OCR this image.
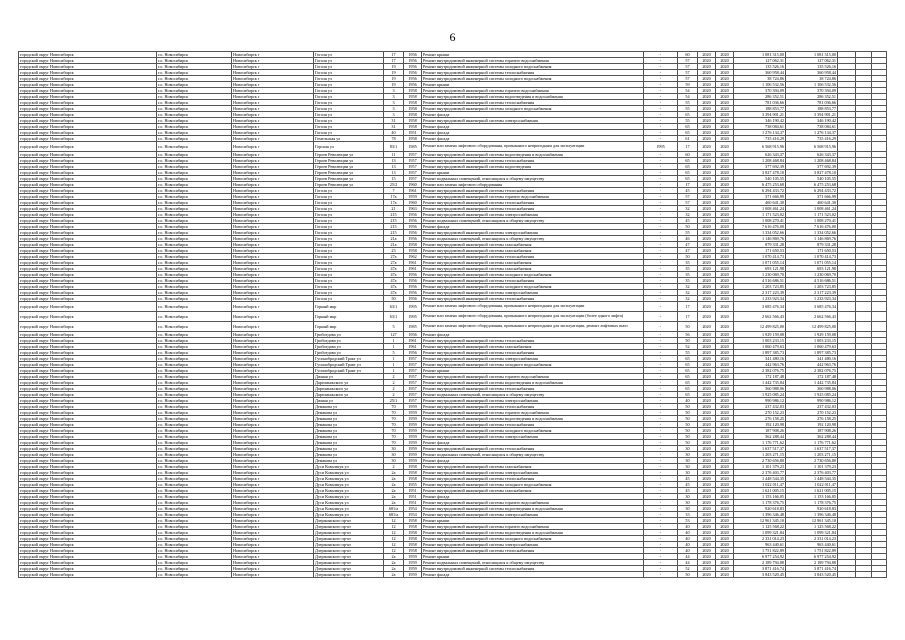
6
городской округ Новосибирск	г.о. Новосибирск	Новосибирск г	Гоголя ул	17	1956	Ремонт крыши	-	60	2020	2020	1 081 315,00	1 081 315,00			
городской округ Новосибирск	г.о. Новосибирск	Новосибирск г	Гоголя ул	17	1956	Ремонт внутридомовой инженерной системы горячего водоснабжения	-	57	2020	2020	127 062,31	127 062,31			
городской округ Новосибирск	г.о. Новосибирск	Новосибирск г	Гоголя ул	19	1956	Ремонт внутридомовой инженерной системы холодного водоснабжения	-	57	2020	2020	135 526,16	135 526,16			
городской округ Новосибирск	г.о. Новосибирск	Новосибирск г	Гоголя ул	19	1956	Ремонт внутридомовой инженерной системы теплоснабжения	-	57	2020	2020	360 958,44	360 958,44			
городской округ Новосибирск	г.о. Новосибирск	Новосибирск г	Гоголя ул	19	1956	Ремонт внутридомовой инженерной системы холодного водоснабжения	-	57	2020	2020	38 724,86	38 724,86			
городской округ Новосибирск	г.о. Новосибирск	Новосибирск г	Гоголя ул	19	1956	Ремонт крыши	-	59	2020	2020	1 106 532,56	1 106 532,56			
городской округ Новосибирск	г.о. Новосибирск	Новосибирск г	Гоголя ул	3	1958	Ремонт внутридомовой инженерной системы горячего водоснабжения	-	54	2020	2020	370 394,09	370 394,09			
городской округ Новосибирск	г.о. Новосибирск	Новосибирск г	Гоголя ул	3	1958	Ремонт внутридомовой инженерной системы водоотведения и водоснабжения	-	54	2020	2020	286 352,51	286 352,51			
городской округ Новосибирск	г.о. Новосибирск	Новосибирск г	Гоголя ул	3	1958	Ремонт внутридомовой инженерной системы теплоснабжения	-	55	2020	2020	781 036,66	781 036,66			
городской округ Новосибирск	г.о. Новосибирск	Новосибирск г	Гоголя ул	3	1958	Ремонт внутридомовой инженерной системы холодного водоснабжения	-	55	2020	2020	188 853,77	188 853,77			
городской округ Новосибирск	г.о. Новосибирск	Новосибирск г	Гоголя ул	3	1958	Ремонт фасада	-	65	2020	2020	3 394 901,21	3 394 901,21			
городской округ Новосибирск	г.о. Новосибирск	Новосибирск г	Гоголя ул	31	1958	Ремонт внутридомовой инженерной системы электроснабжения	-	55	2020	2020	346 190,42	346 190,42			
городской округ Новосибирск	г.о. Новосибирск	Новосибирск г	Гоголя ул	31	1958	Ремонт фасада	-	65	2020	2020	738 084,61	738 084,61			
городской округ Новосибирск	г.о. Новосибирск	Новосибирск г	Гоголя ул	40	1951	Ремонт фасада	-	65	2020	2020	1 276 134,37	1 276 134,37			
городской округ Новосибирск	г.о. Новосибирск	Новосибирск г	Гомельская ул	78	1958	Ремонт фасада	-	61	2020	2020	735 416,29	735 416,29			
городской округ Новосибирск	г.о. Новосибирск	Новосибирск г	Горская ул	83/1	1985	Ремонт или замена лифтового оборудования, признанного непригодным для эксплуатации	1995	17	2020	2020	6 568 915,96	6 568 915,96			
городской округ Новосибирск	г.о. Новосибирск	Новосибирск г	Героев Революции ул	11	1957	Ремонт внутридомовой инженерной системы водоотведения и водоснабжения	-	60	2020	2020	626 343,37	626 343,37			
городской округ Новосибирск	г.о. Новосибирск	Новосибирск г	Героев Революции ул	13	1957	Ремонт внутридомовой инженерной системы теплоснабжения	-	65	2020	2020	1 208 468,84	1 208 468,84			
городской округ Новосибирск	г.о. Новосибирск	Новосибирск г	Героев Революции ул	13	1957	Ремонт внутридомовой инженерной системы водоотведения	-	65	2020	2020	377 692,39	377 692,39			
городской округ Новосибирск	г.о. Новосибирск	Новосибирск г	Героев Революции ул	13	1957	Ремонт крыши	-	65	2020	2020	3 827 478,10	3 827 478,10			
городской округ Новосибирск	г.о. Новосибирск	Новосибирск г	Героев Революции ул	15	1957	Ремонт подвальных помещений, относящихся к общему имуществу	-	65	2020	2020	540 105,55	540 105,55			
городской округ Новосибирск	г.о. Новосибирск	Новосибирск г	Героев Революции ул	25/2	1960	Ремонт или замена лифтового оборудования	-	17	2020	2020	6 475 253,68	6 475 253,68			
городской округ Новосибирск	г.о. Новосибирск	Новосибирск г	Гоголя ул	7	1961	Ремонт внутридомовой инженерной системы теплоснабжения	-	45	2020	2020	6 294 433,72	6 294 433,72			
городской округ Новосибирск	г.о. Новосибирск	Новосибирск г	Гоголя ул	17а	1959	Ремонт внутридомовой инженерной системы горячего водоснабжения	-	57	2020	2020	371 666,99	371 666,99			
городской округ Новосибирск	г.о. Новосибирск	Новосибирск г	Гоголя ул	17а	1960	Ремонт внутридомовой инженерной системы теплоснабжения	-	57	2020	2020	460 641,30	460 641,30			
городской округ Новосибирск	г.о. Новосибирск	Новосибирск г	Гоголя ул	21	1963	Ремонт внутридомовой инженерной системы теплоснабжения	-	32	2020	2020	1 008 461,24	1 008 461,24			
городской округ Новосибирск	г.о. Новосибирск	Новосибирск г	Гоголя ул	215	1956	Ремонт внутридомовой инженерной системы электроснабжения	-	32	2020	2020	1 171 523,02	1 171 523,02			
городской округ Новосибирск	г.о. Новосибирск	Новосибирск г	Гоголя ул	215	1956	Ремонт подвальных помещений, относящихся к общему имуществу	-	45	2020	2020	1 008 270,41	1 008 270,41			
городской округ Новосибирск	г.о. Новосибирск	Новосибирск г	Гоголя ул	215	1956	Ремонт фасада	-	50	2020	2020	7 616 476,00	7 616 476,00			
городской округ Новосибирск	г.о. Новосибирск	Новосибирск г	Гоголя ул	215	1956	Ремонт внутридомовой инженерной системы электроснабжения	-	55	2020	2020	1 334 052,66	1 334 052,66			
городской округ Новосибирск	г.о. Новосибирск	Новосибирск г	Гоголя ул	21а	1956	Ремонт подвальных помещений, относящихся к общему имуществу	-	46	2020	2020	1 146 869,76	1 146 869,76			
городской округ Новосибирск	г.о. Новосибирск	Новосибирск г	Гоголя ул	21а	1958	Ремонт внутридомовой инженерной системы газоснабжения	-	47	2020	2020	879 331,28	879 331,28			
городской округ Новосибирск	г.о. Новосибирск	Новосибирск г	Гоголя ул	23	1958	Ремонт внутридомовой инженерной системы газоснабжения	-	47	2020	2020	171 650,53	171 650,53			
городской округ Новосибирск	г.о. Новосибирск	Новосибирск г	Гоголя ул	27а	1962	Ремонт внутридомовой инженерной системы теплоснабжения	-	50	2020	2020	1 070 414,73	1 070 414,73			
городской округ Новосибирск	г.о. Новосибирск	Новосибирск г	Гоголя ул	27а	1961	Ремонт внутридомовой инженерной системы газоснабжения	-	35	2020	2020	1 071 055,14	1 071 055,14			
городской округ Новосибирск	г.о. Новосибирск	Новосибирск г	Гоголя ул	47а	1961	Ремонт внутридомовой инженерной системы газоснабжения	-	35	2020	2020	693 121,98	693 121,98			
городской округ Новосибирск	г.о. Новосибирск	Новосибирск г	Гоголя ул	47а	1956	Ремонт внутридомовой инженерной системы холодного водоснабжения	-	35	2020	2020	1 230 069,70	1 230 069,70			
городской округ Новосибирск	г.о. Новосибирск	Новосибирск г	Гоголя ул	47а	1956	Ремонт внутридомовой инженерной системы теплоснабжения	-	35	2020	2020	4 516 686,51	4 516 686,51			
городской округ Новосибирск	г.о. Новосибирск	Новосибирск г	Гоголя ул	47а	1956	Ремонт внутридомовой инженерной системы холодного водоснабжения	-	32	2020	2020	1 203 723,85	1 203 723,85			
городской округ Новосибирск	г.о. Новосибирск	Новосибирск г	Гоголя ул	47а	1956	Ремонт внутридомовой инженерной системы электроснабжения	-	32	2020	2020	2 317 223,39	2 317 223,39			
городской округ Новосибирск	г.о. Новосибирск	Новосибирск г	Гоголя ул	50	1956	Ремонт внутридомовой инженерной системы теплоснабжения	-	32	2020	2020	1 233 923,34	1 233 923,34			
городской округ Новосибирск	г.о. Новосибирск	Новосибирск г	Горный мкр	63/1	1995	Ремонт или замена лифтового оборудования, признанного непригодным для эксплуатации	-	17	2020	2020	3 685 476,34	3 685 476,34			
городской округ Новосибирск	г.о. Новосибирск	Новосибирск г	Горный мкр	63/1	1995	Ремонт или замена лифтового оборудования, признанного непригодным для эксплуатации (более одного лифта)	-	17	2020	2020	2 662 566,43	2 662 566,43			
городской округ Новосибирск	г.о. Новосибирск	Новосибирск г	Горный мкр	5	1985	Ремонт или замена лифтового оборудования, признанного непригодным для эксплуатации, ремонт лифтовых шахт	-	50	2020	2020	12 499 825,00	12 499 825,00			
городской округ Новосибирск	г.о. Новосибирск	Новосибирск г	Грибоедова ул	127	1956	Ремонт фасада	-	56	2020	2020	1 929 159,08	1 929 159,08			
городской округ Новосибирск	г.о. Новосибирск	Новосибирск г	Грибоедова ул	1	1961	Ремонт внутридомовой инженерной системы теплоснабжения	-	50	2020	2020	1 003 233,15	1 003 233,15			
городской округ Новосибирск	г.о. Новосибирск	Новосибирск г	Грибоедова ул	1	1961	Ремонт внутридомовой инженерной системы газоснабжения	-	52	2020	2020	1 060 479,63	1 060 479,63			
городской округ Новосибирск	г.о. Новосибирск	Новосибирск г	Грибоедова ул	5	1956	Ремонт внутридомовой инженерной системы теплоснабжения	-	55	2020	2020	1 897 385,73	1 897 385,73			
городской округ Новосибирск	г.о. Новосибирск	Новосибирск г	Гусинобродский Тракт ул	1	1957	Ремонт внутридомовой инженерной системы электроснабжения	-	65	2020	2020	341 480,16	341 480,16			
городской округ Новосибирск	г.о. Новосибирск	Новосибирск г	Гусинобродский Тракт ул	1	1957	Ремонт внутридомовой инженерной системы холодного водоснабжения	-	65	2020	2020	442 963,76	442 963,76			
городской округ Новосибирск	г.о. Новосибирск	Новосибирск г	Гусинобродский Тракт ул	1	1957	Ремонт крыши	-	65	2020	2020	2 382 076,75	2 382 076,75			
городской округ Новосибирск	г.о. Новосибирск	Новосибирск г	Дачная ул	2	1957	Ремонт внутридомовой инженерной системы горячего водоснабжения	-	65	2020	2020	172 187,48	172 187,48			
городской округ Новосибирск	г.о. Новосибирск	Новосибирск г	Даргомыжского ул	2	1957	Ремонт внутридомовой инженерной системы водоотведения и водоснабжения	-	65	2020	2020	1 442 735,84	1 442 735,84			
городской округ Новосибирск	г.о. Новосибирск	Новосибирск г	Даргомыжского ул	2	1957	Ремонт внутридомовой инженерной системы теплоснабжения	-	65	2020	2020	360 988,06	360 988,06			
городской округ Новосибирск	г.о. Новосибирск	Новосибирск г	Даргомыжского ул	2	1957	Ремонт подвальных помещений, относящихся к общему имуществу	-	65	2020	2020	1 925 085,24	1 925 085,24			
городской округ Новосибирск	г.о. Новосибирск	Новосибирск г	Дачная ул	25/1	1957	Ремонт внутридомовой инженерной системы электроснабжения	-	40	2020	2020	990 986,12	990 986,12			
городской округ Новосибирск	г.о. Новосибирск	Новосибирск г	Демакова ул	70	1959	Ремонт внутридомовой инженерной системы теплоснабжения	-	50	2020	2020	237 432,03	237 432,03			
городской округ Новосибирск	г.о. Новосибирск	Новосибирск г	Демакова ул	70	1959	Ремонт внутридомовой инженерной системы горячего водоснабжения	-	50	2020	2020	270 152,23	270 152,23			
городской округ Новосибирск	г.о. Новосибирск	Новосибирск г	Демакова ул	70	1959	Ремонт внутридомовой инженерной системы водоотведения и водоснабжения	-	50	2020	2020	276 158,25	276 158,25			
городской округ Новосибирск	г.о. Новосибирск	Новосибирск г	Демакова ул	70	1959	Ремонт внутридомовой инженерной системы теплоснабжения	-	50	2020	2020	192 120,98	192 120,98			
городской округ Новосибирск	г.о. Новосибирск	Новосибирск г	Демакова ул	70	1959	Ремонт внутридомовой инженерной системы холодного водоснабжения	-	50	2020	2020	187 908,26	187 908,26			
городской округ Новосибирск	г.о. Новосибирск	Новосибирск г	Демакова ул	70	1959	Ремонт внутридомовой инженерной системы электроснабжения	-	50	2020	2020	362 288,44	362 288,44			
городской округ Новосибирск	г.о. Новосибирск	Новосибирск г	Демакова ул	70	1959	Ремонт фасада	-	50	2020	2020	1 176 771,62	1 176 771,62			
городской округ Новосибирск	г.о. Новосибирск	Новосибирск г	Демакова ул	30	1959	Ремонт внутридомовой инженерной системы теплоснабжения	-	30	2020	2020	1 637 517,37	1 637 517,37			
городской округ Новосибирск	г.о. Новосибирск	Новосибирск г	Демакова ул	30	1959	Ремонт подвальных помещений, относящихся к общему имуществу	-	30	2020	2020	1 203 271,15	1 203 271,15			
городской округ Новосибирск	г.о. Новосибирск	Новосибирск г	Демакова ул	30	1959	Ремонт фасада	-	30	2020	2020	2 730 656,80	2 730 656,80			
городской округ Новосибирск	г.о. Новосибирск	Новосибирск г	Дуси Ковальчук ул	2	1958	Ремонт внутридомовой инженерной системы газоснабжения	-	30	2020	2020	1 101 379,23	1 101 379,23			
городской округ Новосибирск	г.о. Новосибирск	Новосибирск г	Дуси Ковальчук ул	2а	1958	Ремонт внутридомовой инженерной системы электроснабжения	-	30	2020	2020	2 376 403,77	2 376 403,77			
городской округ Новосибирск	г.о. Новосибирск	Новосибирск г	Дуси Ковальчук ул	2а	1958	Ремонт внутридомовой инженерной системы теплоснабжения	-	45	2020	2020	1 448 544,35	1 448 544,35			
городской округ Новосибирск	г.о. Новосибирск	Новосибирск г	Дуси Ковальчук ул	2а	1955	Ремонт внутридомовой инженерной системы холодного водоснабжения	-	45	2020	2020	1 022 011,47	1 022 011,47			
городской округ Новосибирск	г.о. Новосибирск	Новосибирск г	Дуси Ковальчук ул	2а	1951	Ремонт внутридомовой инженерной системы газоснабжения	-	45	2020	2020	1 621 005,15	1 621 005,15			
городской округ Новосибирск	г.о. Новосибирск	Новосибирск г	Дуси Ковальчук ул	2а	1951	Ремонт фасада	-	30	2020	2020	1 153 166,05	1 153 166,05			
городской округ Новосибирск	г.о. Новосибирск	Новосибирск г	Дуси Ковальчук ул	2а	1951	Ремонт внутридомовой инженерной системы горячего водоснабжения	-	30	2020	2020	1 178 376,75	1 178 376,75			
городской округ Новосибирск	г.о. Новосибирск	Новосибирск г	Дуси Ковальчук ул	681/а	1954	Ремонт внутридомовой инженерной системы водоотведения и водоснабжения	-	30	2020	2020	920 618,83	920 618,83			
городской округ Новосибирск	г.о. Новосибирск	Новосибирск г	Дуси Ковальчук ул	681/а	1954	Ремонт внутридомовой инженерной системы электроснабжения	-	33	2020	2020	1 396 346,48	1 396 346,48			
городской округ Новосибирск	г.о. Новосибирск	Новосибирск г	Дзержинского пр-кт	12	1958	Ремонт крыши	-	53	2020	2020	12 961 345,10	12 961 345,10			
городской округ Новосибирск	г.о. Новосибирск	Новосибирск г	Дзержинского пр-кт	12	1958	Ремонт внутридомовой инженерной системы горячего водоснабжения	-	40	2020	2020	1 125 568,22	1 125 568,22			
городской округ Новосибирск	г.о. Новосибирск	Новосибирск г	Дзержинского пр-кт	12	1958	Ремонт внутридомовой инженерной системы водоотведения и водоснабжения	-	40	2020	2020	1 099 321,84	1 099 321,84			
городской округ Новосибирск	г.о. Новосибирск	Новосибирск г	Дзержинского пр-кт	12	1958	Ремонт внутридомовой инженерной системы холодного водоснабжения	-	40	2020	2020	2 331 014,23	2 331 014,23			
городской округ Новосибирск	г.о. Новосибирск	Новосибирск г	Дзержинского пр-кт	12	1958	Ремонт внутридомовой инженерной системы электроснабжения	-	40	2020	2020	963 440,61	963 440,61			
городской округ Новосибирск	г.о. Новосибирск	Новосибирск г	Дзержинского пр-кт	12	1958	Ремонт внутридомовой инженерной системы теплоснабжения	-	40	2020	2020	1 751 822,89	1 751 822,89			
городской округ Новосибирск	г.о. Новосибирск	Новосибирск г	Дзержинского пр-кт	2а	1959	Ремонт крыши	-	44	2020	2020	6 977 254,92	6 977 254,92			
городской округ Новосибирск	г.о. Новосибирск	Новосибирск г	Дзержинского пр-кт	2а	1959	Ремонт подвальных помещений, относящихся к общему имуществу	-	44	2020	2020	2 189 794,88	2 189 794,88			
городской округ Новосибирск	г.о. Новосибирск	Новосибирск г	Дзержинского пр-кт	2а	1959	Ремонт внутридомовой инженерной системы теплоснабжения	-	52	2020	2020	3 871 416,74	3 871 416,74			
городской округ Новосибирск	г.о. Новосибирск	Новосибирск г	Дзержинского пр-кт	2а	1959	Ремонт фасада	-	50	2020	2020	3 843 520,45	3 843 520,45			
